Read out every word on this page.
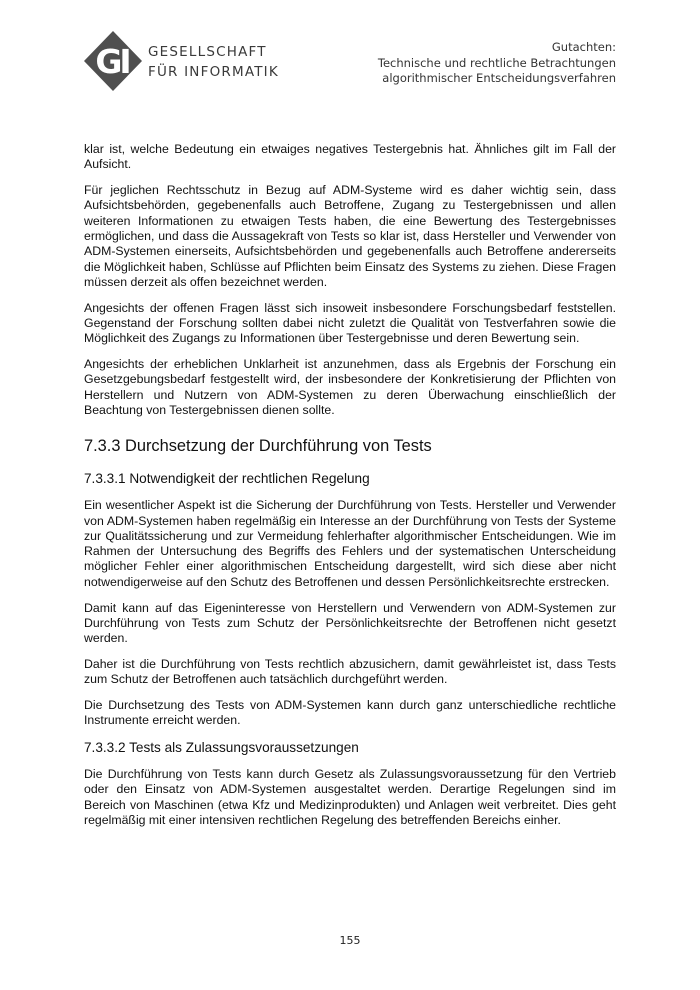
GI GESELLSCHAFT
FÜR INFORMATIK
Gutachten:
Technische und rechtliche Betrachtungen
algorithmischer Entscheidungsverfahren

klar ist, welche Bedeutung ein etwaiges negatives Testergebnis hat. Ähnliches gilt im Fall der Aufsicht.

Für jeglichen Rechtsschutz in Bezug auf ADM-Systeme wird es daher wichtig sein, dass Aufsichtsbehörden, gegebenenfalls auch Betroffene, Zugang zu Testergebnissen und allen weiteren Informationen zu etwaigen Tests haben, die eine Bewertung des Testergebnisses ermöglichen, und dass die Aussagekraft von Tests so klar ist, dass Hersteller und Verwender von ADM-Systemen einerseits, Aufsichtsbehörden und gegebenenfalls auch Betroffene andererseits die Möglichkeit haben, Schlüsse auf Pflichten beim Einsatz des Systems zu ziehen. Diese Fragen müssen derzeit als offen bezeichnet werden.

Angesichts der offenen Fragen lässt sich insoweit insbesondere Forschungsbedarf feststellen. Gegenstand der Forschung sollten dabei nicht zuletzt die Qualität von Testverfahren sowie die Möglichkeit des Zugangs zu Informationen über Testergebnisse und deren Bewertung sein.

Angesichts der erheblichen Unklarheit ist anzunehmen, dass als Ergebnis der Forschung ein Gesetzgebungsbedarf festgestellt wird, der insbesondere der Konkretisierung der Pflichten von Herstellern und Nutzern von ADM-Systemen zu deren Überwachung einschließlich der Beachtung von Testergebnissen dienen sollte.

7.3.3 Durchsetzung der Durchführung von Tests
7.3.3.1 Notwendigkeit der rechtlichen Regelung

Ein wesentlicher Aspekt ist die Sicherung der Durchführung von Tests. Hersteller und Verwender von ADM-Systemen haben regelmäßig ein Interesse an der Durchführung von Tests der Systeme zur Qualitätssicherung und zur Vermeidung fehlerhafter algorithmischer Entscheidungen. Wie im Rahmen der Untersuchung des Begriffs des Fehlers und der systematischen Unterscheidung möglicher Fehler einer algorithmischen Entscheidung dargestellt, wird sich diese aber nicht notwendigerweise auf den Schutz des Betroffenen und dessen Persönlichkeitsrechte erstrecken.

Damit kann auf das Eigeninteresse von Herstellern und Verwendern von ADM-Systemen zur Durchführung von Tests zum Schutz der Persönlichkeitsrechte der Betroffenen nicht gesetzt werden.

Daher ist die Durchführung von Tests rechtlich abzusichern, damit gewährleistet ist, dass Tests zum Schutz der Betroffenen auch tatsächlich durchgeführt werden.

Die Durchsetzung des Tests von ADM-Systemen kann durch ganz unterschiedliche rechtliche Instrumente erreicht werden.

7.3.3.2 Tests als Zulassungsvoraussetzungen

Die Durchführung von Tests kann durch Gesetz als Zulassungsvoraussetzung für den Vertrieb oder den Einsatz von ADM-Systemen ausgestaltet werden. Derartige Regelungen sind im Bereich von Maschinen (etwa Kfz und Medizinprodukten) und Anlagen weit verbreitet. Dies geht regelmäßig mit einer intensiven rechtlichen Regelung des betreffenden Bereichs einher.

155
